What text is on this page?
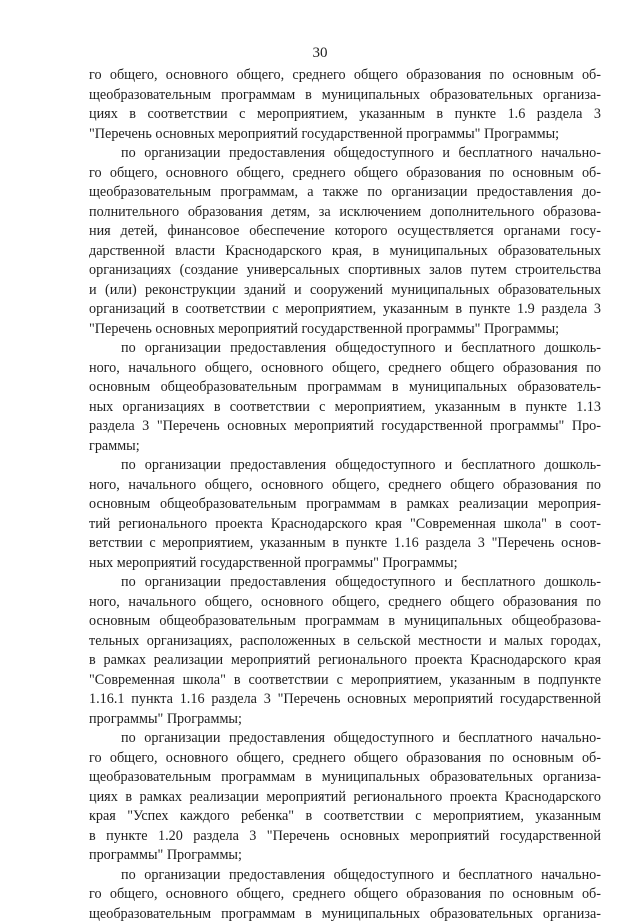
30
го общего, основного общего, среднего общего образования по основным об-
щеобразовательным программам в муниципальных образовательных организа-
циях в соответствии с мероприятием, указанным в пункте 1.6 раздела 3
"Перечень основных мероприятий государственной программы" Программы;
по организации предоставления общедоступного и бесплатного начально-
го общего, основного общего, среднего общего образования по основным об-
щеобразовательным программам, а также по организации предоставления до-
полнительного образования детям, за исключением дополнительного образова-
ния детей, финансовое обеспечение которого осуществляется органами госу-
дарственной власти Краснодарского края, в муниципальных образовательных
организациях (создание универсальных спортивных залов путем строительства
и (или) реконструкции зданий и сооружений муниципальных образовательных
организаций в соответствии с мероприятием, указанным в пункте 1.9 раздела 3
"Перечень основных мероприятий государственной программы" Программы;
по организации предоставления общедоступного и бесплатного дошколь-
ного, начального общего, основного общего, среднего общего образования по
основным общеобразовательным программам в муниципальных образователь-
ных организациях в соответствии с мероприятием, указанным в пункте 1.13
раздела 3 "Перечень основных мероприятий государственной программы" Про-
граммы;
по организации предоставления общедоступного и бесплатного дошколь-
ного, начального общего, основного общего, среднего общего образования по
основным общеобразовательным программам в рамках реализации мероприя-
тий регионального проекта Краснодарского края "Современная школа" в соот-
ветствии с мероприятием, указанным в пункте 1.16 раздела 3 "Перечень основ-
ных мероприятий государственной программы" Программы;
по организации предоставления общедоступного и бесплатного дошколь-
ного, начального общего, основного общего, среднего общего образования по
основным общеобразовательным программам в муниципальных общеобразова-
тельных организациях, расположенных в сельской местности и малых городах,
в рамках реализации мероприятий регионального проекта Краснодарского края
"Современная школа" в соответствии с мероприятием, указанным в подпункте
1.16.1 пункта 1.16 раздела 3 "Перечень основных мероприятий государственной
программы" Программы;
по организации предоставления общедоступного и бесплатного начально-
го общего, основного общего, среднего общего образования по основным об-
щеобразовательным программам в муниципальных образовательных организа-
циях в рамках реализации мероприятий регионального проекта Краснодарского
края "Успех каждого ребенка" в соответствии с мероприятием, указанным
в пункте 1.20 раздела 3 "Перечень основных мероприятий государственной
программы" Программы;
по организации предоставления общедоступного и бесплатного начально-
го общего, основного общего, среднего общего образования по основным об-
щеобразовательным программам в муниципальных образовательных организа-
